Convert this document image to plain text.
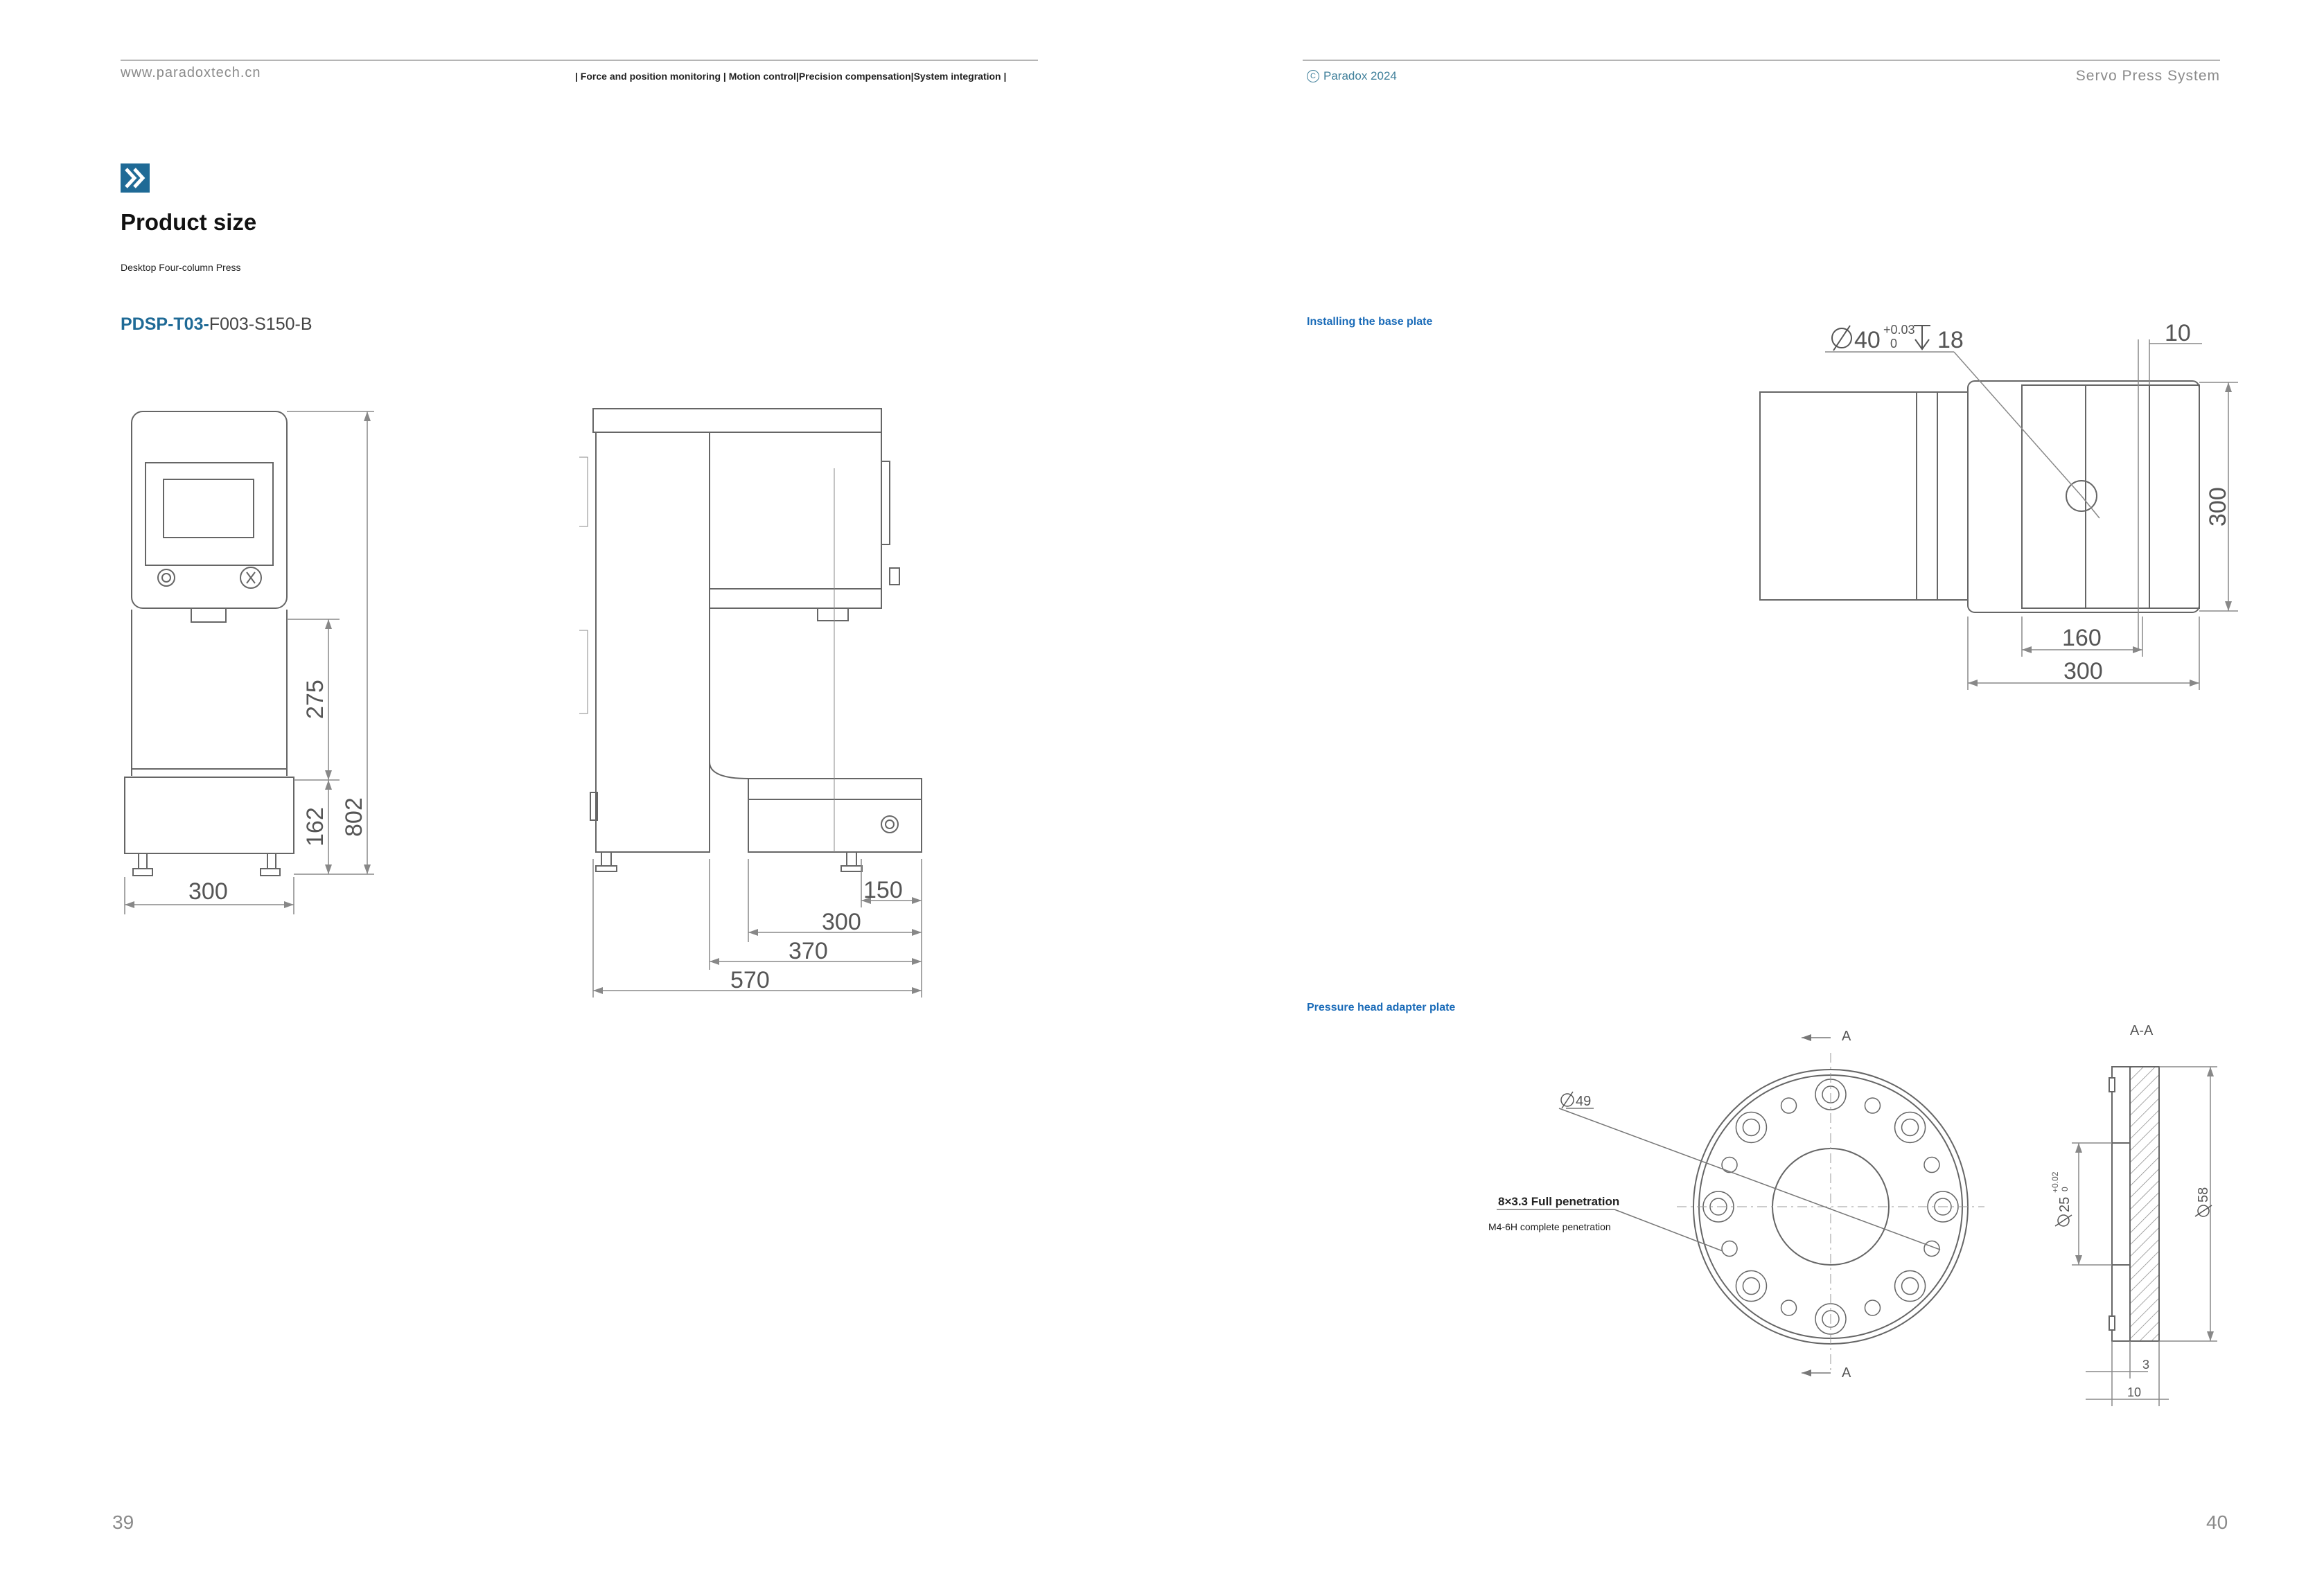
www.paradoxtech.cn	| Force and position monitoring | Motion control|Precision compensation|System integration |	C Paradox 2024	Servo Press System
Product size
Desktop Four-column Press
PDSP-T03-F003-S150-B
275
162 802
300	150
300
370
570
39
Installing the base plate
40 +0.03
0 18	10
300
160
300
Pressure head adapter plate
A
A
49
8×3.3 Full penetration
M4-6H complete penetration
A-A
25
+0.02 0	58
3
10
40
